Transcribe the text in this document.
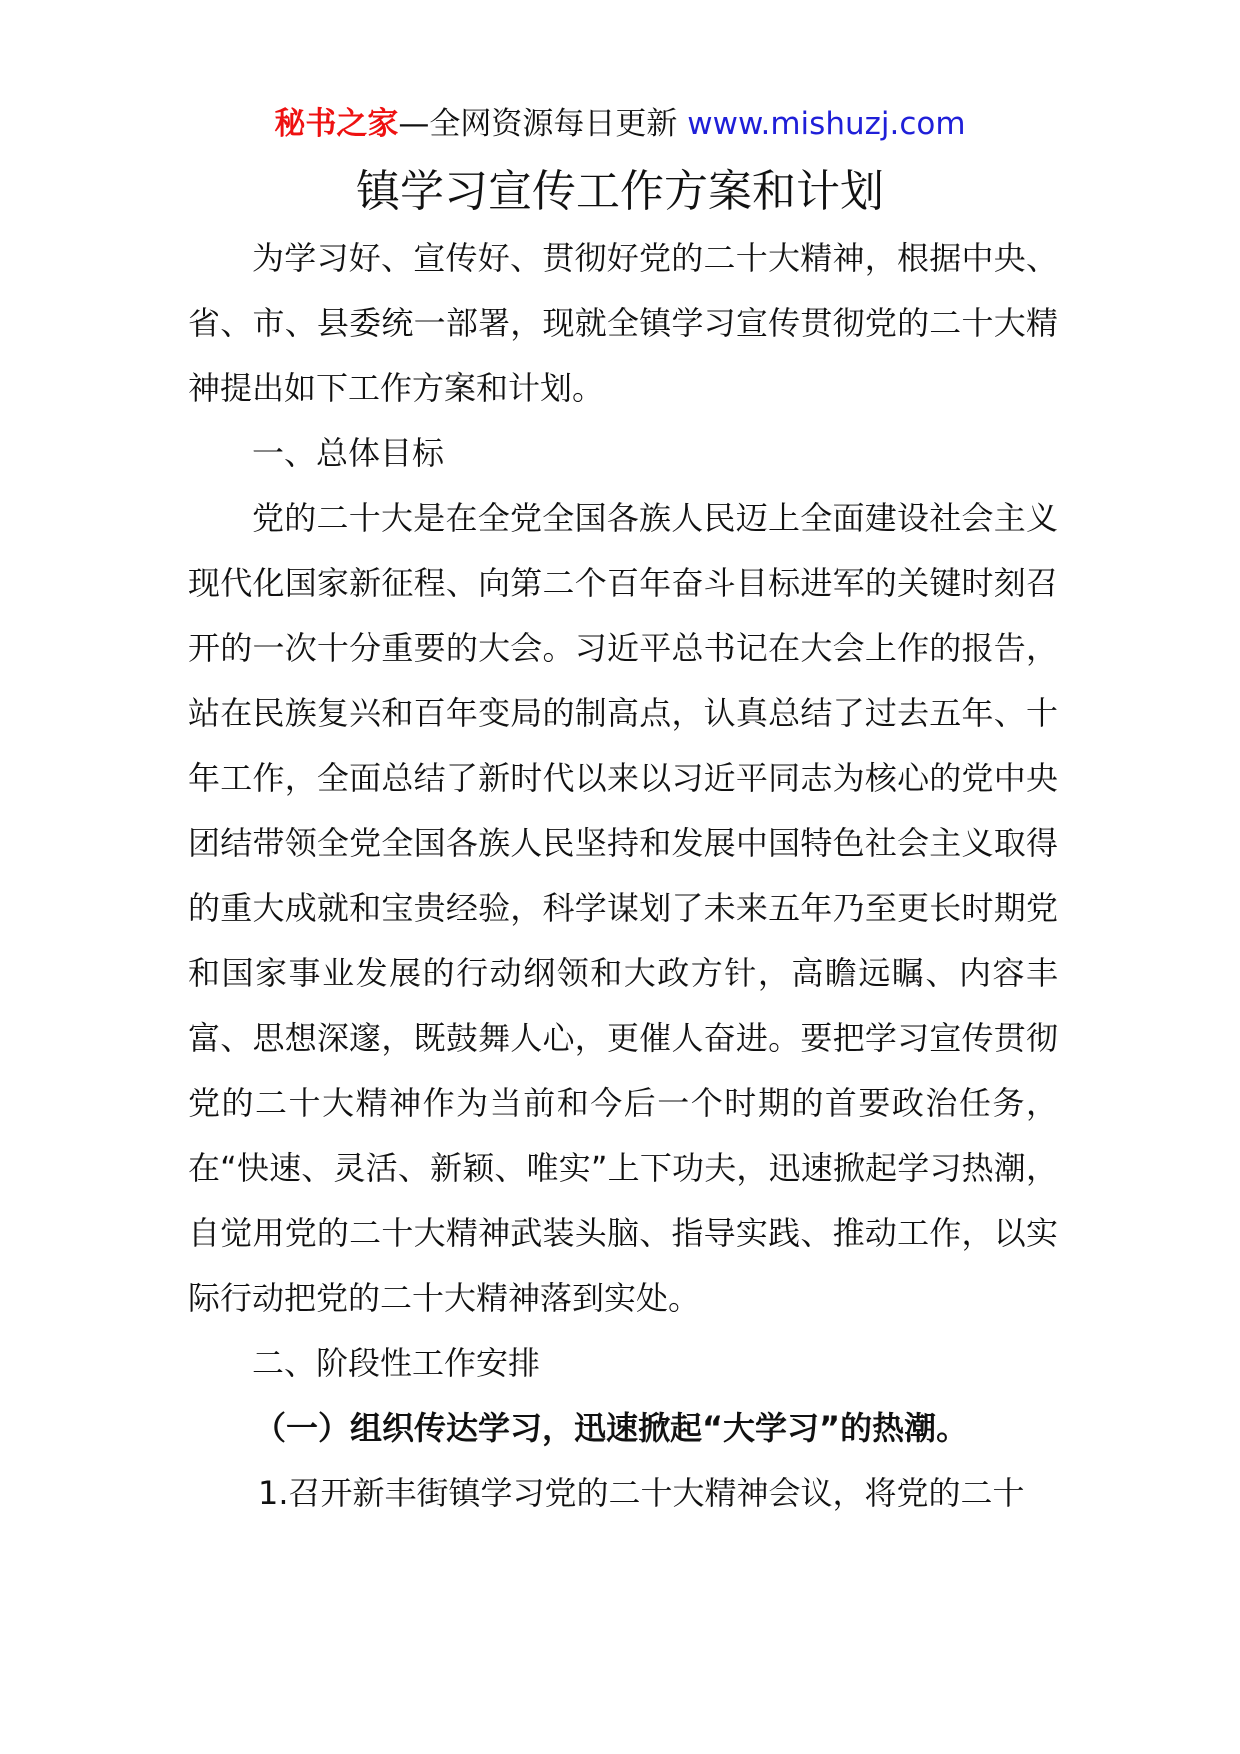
秘书之家—全网资源每日更新 www.mishuzj.com
镇学习宣传工作方案和计划

为学习好、宣传好、贯彻好党的二十大精神，根据中央、省、市、县委统一部署，现就全镇学习宣传贯彻党的二十大精神提出如下工作方案和计划。

一、总体目标

党的二十大是在全党全国各族人民迈上全面建设社会主义现代化国家新征程、向第二个百年奋斗目标进军的关键时刻召开的一次十分重要的大会。习近平总书记在大会上作的报告，站在民族复兴和百年变局的制高点，认真总结了过去五年、十年工作，全面总结了新时代以来以习近平同志为核心的党中央团结带领全党全国各族人民坚持和发展中国特色社会主义取得的重大成就和宝贵经验，科学谋划了未来五年乃至更长时期党和国家事业发展的行动纲领和大政方针，高瞻远瞩、内容丰富、思想深邃，既鼓舞人心，更催人奋进。要把学习宣传贯彻党的二十大精神作为当前和今后一个时期的首要政治任务，在“快速、灵活、新颖、唯实”上下功夫，迅速掀起学习热潮，自觉用党的二十大精神武装头脑、指导实践、推动工作，以实际行动把党的二十大精神落到实处。

二、阶段性工作安排

（一）组织传达学习，迅速掀起“大学习”的热潮。

1.召开新丰街镇学习党的二十大精神会议，将党的二十
